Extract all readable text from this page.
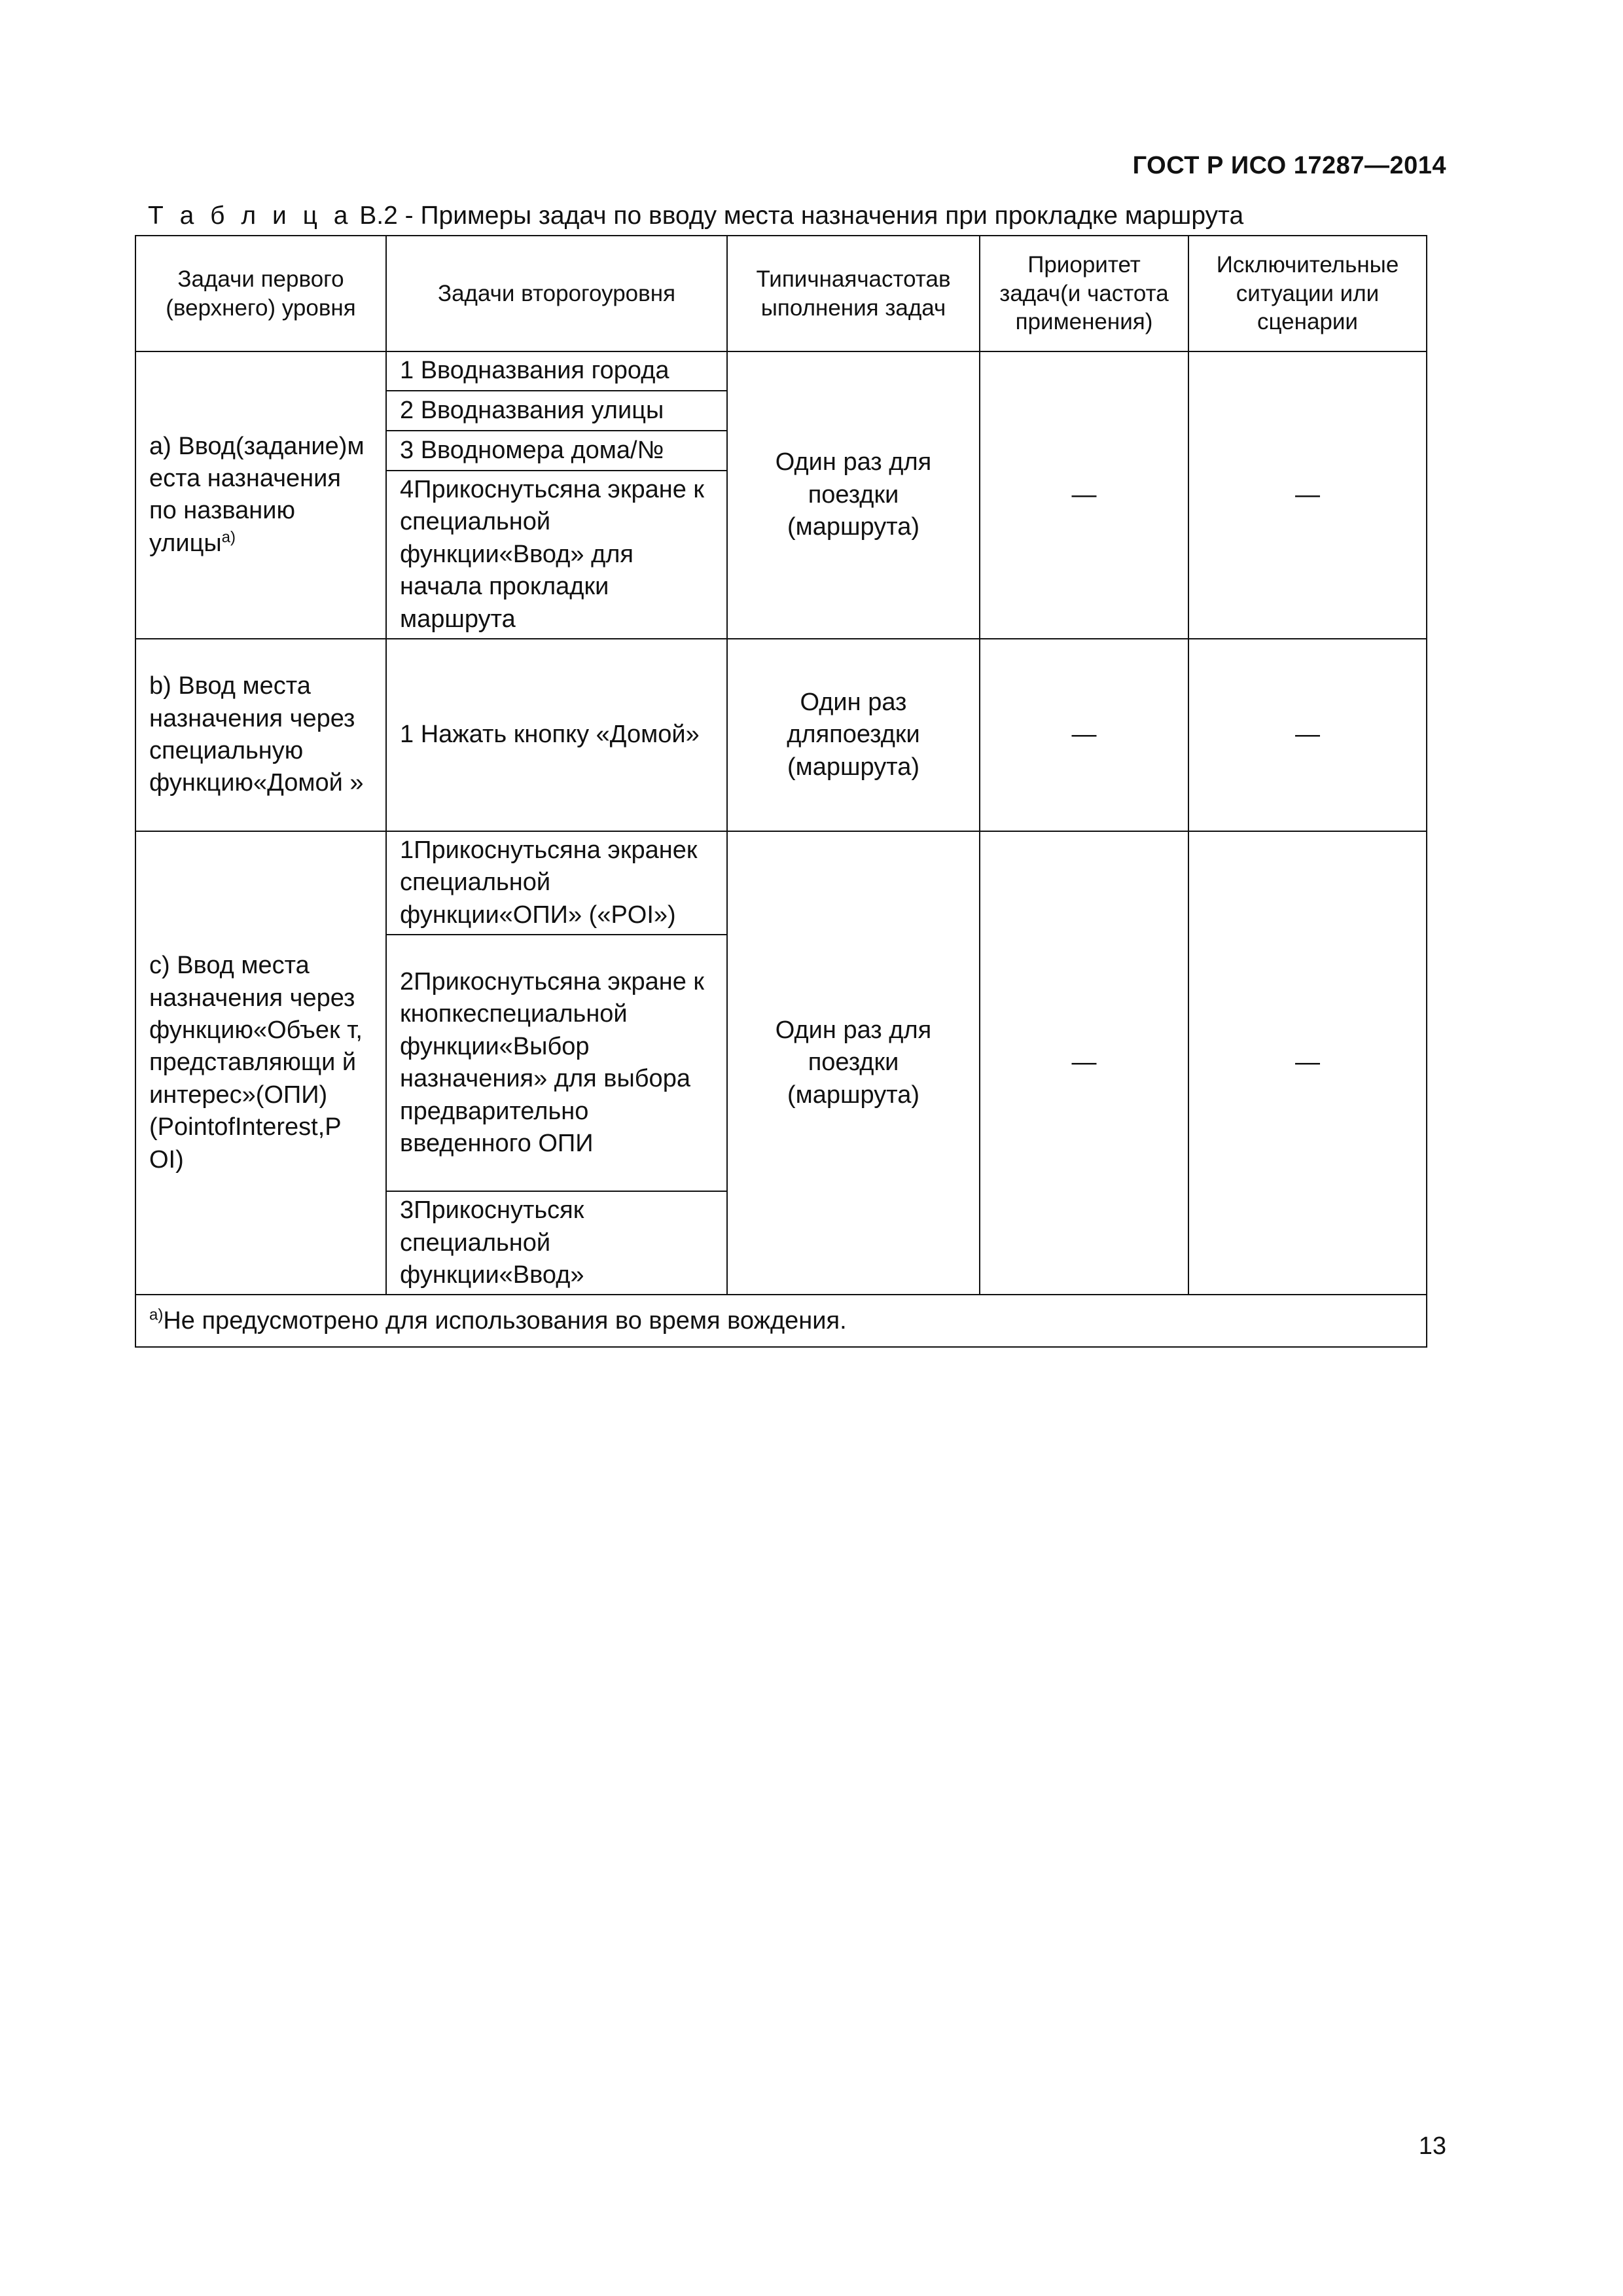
ГОСТ Р ИСО 17287—2014
Т а б л и ц а В.2 - Примеры задач по вводу места назначения при прокладке маршрута
Задачи первого (верхнего) уровня	Задачи второгоуровня	Типичнаячастотав ыполнения задач	Приоритет задач(и частота применения)	Исключительные ситуации или сценарии
а) Ввод(задание)м еста назначения по названию улицы$^{а)}$	1 Вводназвания города	Один раз для поездки (маршрута)	—	—
	2 Вводназвания улицы			
	3 Вводномера дома/№			
	4Прикоснутьсяна экране к специальной функции«Ввод» для начала прокладки маршрута			
b) Ввод места назначения через специальную функцию«Домой »	1 Нажать кнопку «Домой»	Один раз дляпоездки (маршрута)	—	—
с) Ввод места назначения через функцию«Объек т, представляющи й интерес»(ОПИ) (PointofInterest,P OI)	1Прикоснутьсяна экранек специальной функции«ОПИ» («POI»)	Один раз для поездки (маршрута)	—	—
	2Прикоснутьсяна экране к кнопкеспециальной функции«Выбор назначения» для выбора предварительно введенного ОПИ			
	3Прикоснутьсяк специальной функции«Ввод»			
$^{а)}$Не предусмотрено для использования во время вождения.				
13
